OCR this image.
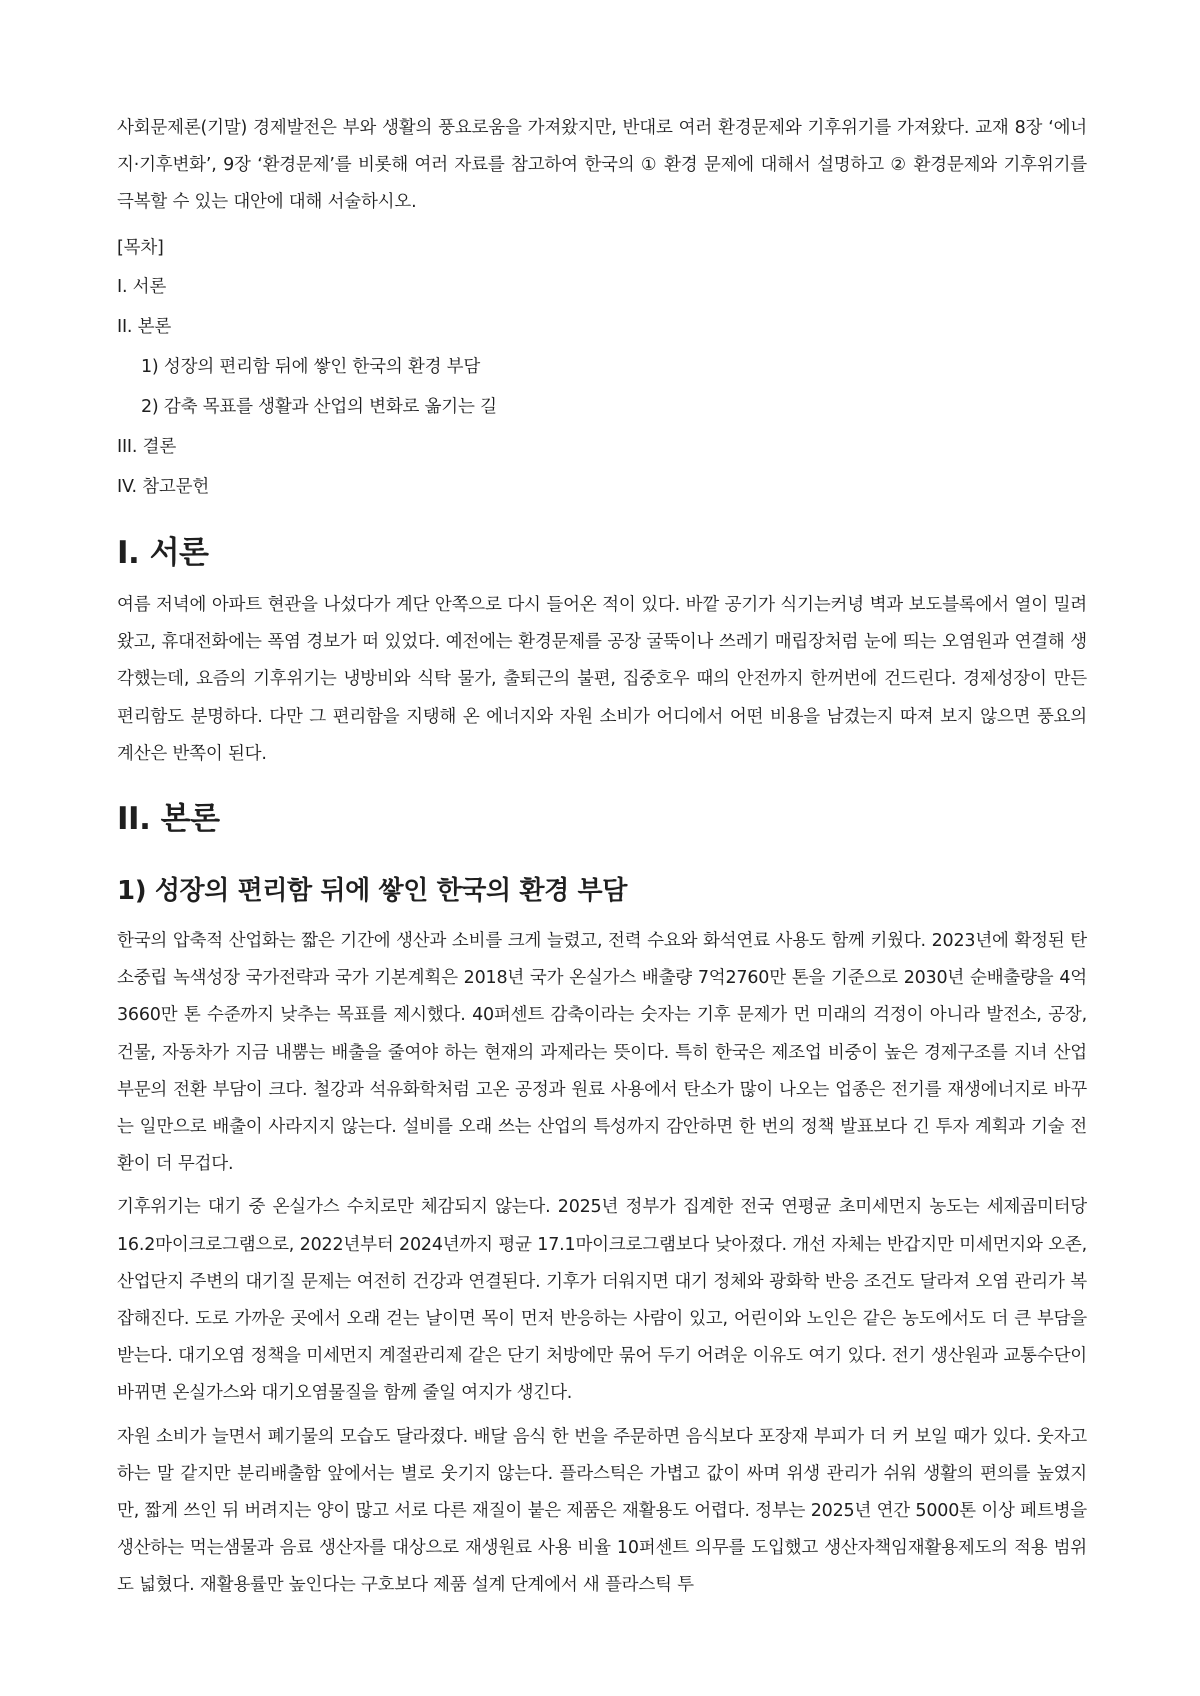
사회문제론(기말) 경제발전은 부와 생활의 풍요로움을 가져왔지만, 반대로 여러 환경문제와 기후위기를 가져왔다. 교재 8장 ‘에너지·기후변화’, 9장 ‘환경문제’를 비롯해 여러 자료를 참고하여 한국의 ① 환경 문제에 대해서 설명하고 ② 환경문제와 기후위기를 극복할 수 있는 대안에 대해 서술하시오.

[목차]

I. 서론
II. 본론
1) 성장의 편리함 뒤에 쌓인 한국의 환경 부담
2) 감축 목표를 생활과 산업의 변화로 옮기는 길
III. 결론
IV. 참고문헌
I. 서론

여름 저녁에 아파트 현관을 나섰다가 계단 안쪽으로 다시 들어온 적이 있다. 바깥 공기가 식기는커녕 벽과 보도블록에서 열이 밀려왔고, 휴대전화에는 폭염 경보가 떠 있었다. 예전에는 환경문제를 공장 굴뚝이나 쓰레기 매립장처럼 눈에 띄는 오염원과 연결해 생각했는데, 요즘의 기후위기는 냉방비와 식탁 물가, 출퇴근의 불편, 집중호우 때의 안전까지 한꺼번에 건드린다. 경제성장이 만든 편리함도 분명하다. 다만 그 편리함을 지탱해 온 에너지와 자원 소비가 어디에서 어떤 비용을 남겼는지 따져 보지 않으면 풍요의 계산은 반쪽이 된다.

II. 본론
1) 성장의 편리함 뒤에 쌓인 한국의 환경 부담

한국의 압축적 산업화는 짧은 기간에 생산과 소비를 크게 늘렸고, 전력 수요와 화석연료 사용도 함께 키웠다. 2023년에 확정된 탄소중립 녹색성장 국가전략과 국가 기본계획은 2018년 국가 온실가스 배출량 7억2760만 톤을 기준으로 2030년 순배출량을 4억3660만 톤 수준까지 낮추는 목표를 제시했다. 40퍼센트 감축이라는 숫자는 기후 문제가 먼 미래의 걱정이 아니라 발전소, 공장, 건물, 자동차가 지금 내뿜는 배출을 줄여야 하는 현재의 과제라는 뜻이다. 특히 한국은 제조업 비중이 높은 경제구조를 지녀 산업 부문의 전환 부담이 크다. 철강과 석유화학처럼 고온 공정과 원료 사용에서 탄소가 많이 나오는 업종은 전기를 재생에너지로 바꾸는 일만으로 배출이 사라지지 않는다. 설비를 오래 쓰는 산업의 특성까지 감안하면 한 번의 정책 발표보다 긴 투자 계획과 기술 전환이 더 무겁다.

기후위기는 대기 중 온실가스 수치로만 체감되지 않는다. 2025년 정부가 집계한 전국 연평균 초미세먼지 농도는 세제곱미터당 16.2마이크로그램으로, 2022년부터 2024년까지 평균 17.1마이크로그램보다 낮아졌다. 개선 자체는 반갑지만 미세먼지와 오존, 산업단지 주변의 대기질 문제는 여전히 건강과 연결된다. 기후가 더워지면 대기 정체와 광화학 반응 조건도 달라져 오염 관리가 복잡해진다. 도로 가까운 곳에서 오래 걷는 날이면 목이 먼저 반응하는 사람이 있고, 어린이와 노인은 같은 농도에서도 더 큰 부담을 받는다. 대기오염 정책을 미세먼지 계절관리제 같은 단기 처방에만 묶어 두기 어려운 이유도 여기 있다. 전기 생산원과 교통수단이 바뀌면 온실가스와 대기오염물질을 함께 줄일 여지가 생긴다.

자원 소비가 늘면서 폐기물의 모습도 달라졌다. 배달 음식 한 번을 주문하면 음식보다 포장재 부피가 더 커 보일 때가 있다. 웃자고 하는 말 같지만 분리배출함 앞에서는 별로 웃기지 않는다. 플라스틱은 가볍고 값이 싸며 위생 관리가 쉬워 생활의 편의를 높였지만, 짧게 쓰인 뒤 버려지는 양이 많고 서로 다른 재질이 붙은 제품은 재활용도 어렵다. 정부는 2025년 연간 5000톤 이상 페트병을 생산하는 먹는샘물과 음료 생산자를 대상으로 재생원료 사용 비율 10퍼센트 의무를 도입했고 생산자책임재활용제도의 적용 범위도 넓혔다. 재활용률만 높인다는 구호보다 제품 설계 단계에서 새 플라스틱 투
